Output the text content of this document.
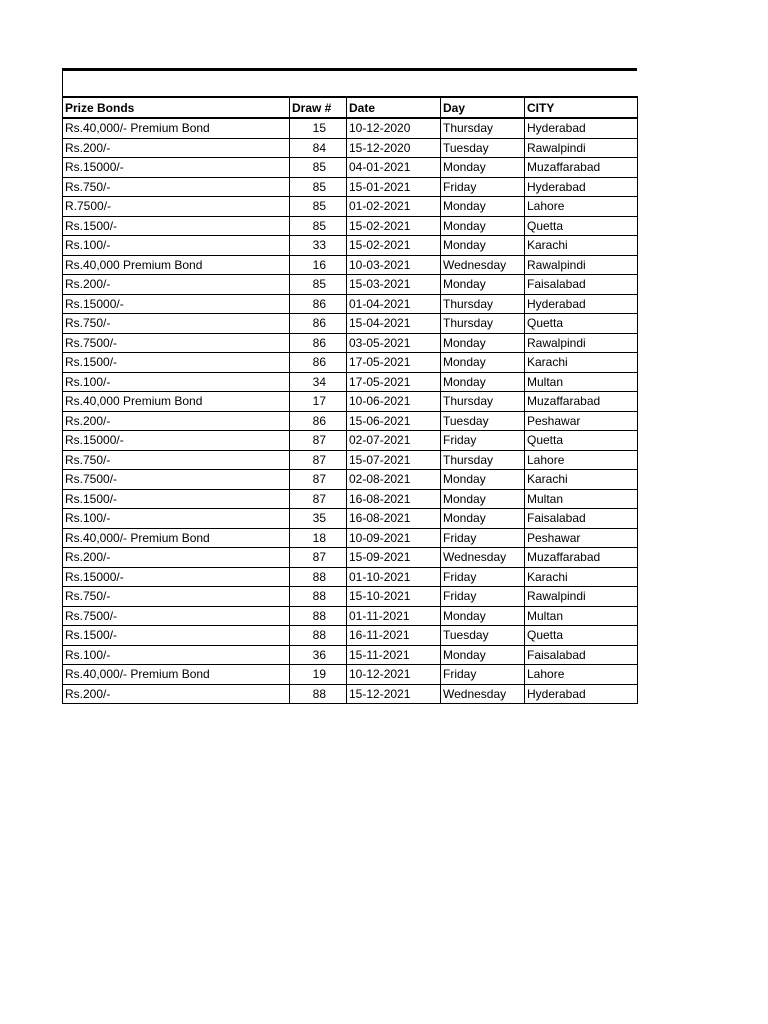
Prize Bonds	Draw #	Date	Day	CITY
Rs.40,000/- Premium Bond	15	10-12-2020	Thursday	Hyderabad
Rs.200/-	84	15-12-2020	Tuesday	Rawalpindi
Rs.15000/-	85	04-01-2021	Monday	Muzaffarabad
Rs.750/-	85	15-01-2021	Friday	Hyderabad
R.7500/-	85	01-02-2021	Monday	Lahore
Rs.1500/-	85	15-02-2021	Monday	Quetta
Rs.100/-	33	15-02-2021	Monday	Karachi
Rs.40,000 Premium Bond	16	10-03-2021	Wednesday	Rawalpindi
Rs.200/-	85	15-03-2021	Monday	Faisalabad
Rs.15000/-	86	01-04-2021	Thursday	Hyderabad
Rs.750/-	86	15-04-2021	Thursday	Quetta
Rs.7500/-	86	03-05-2021	Monday	Rawalpindi
Rs.1500/-	86	17-05-2021	Monday	Karachi
Rs.100/-	34	17-05-2021	Monday	Multan
Rs.40,000 Premium Bond	17	10-06-2021	Thursday	Muzaffarabad
Rs.200/-	86	15-06-2021	Tuesday	Peshawar
Rs.15000/-	87	02-07-2021	Friday	Quetta
Rs.750/-	87	15-07-2021	Thursday	Lahore
Rs.7500/-	87	02-08-2021	Monday	Karachi
Rs.1500/-	87	16-08-2021	Monday	Multan
Rs.100/-	35	16-08-2021	Monday	Faisalabad
Rs.40,000/- Premium Bond	18	10-09-2021	Friday	Peshawar
Rs.200/-	87	15-09-2021	Wednesday	Muzaffarabad
Rs.15000/-	88	01-10-2021	Friday	Karachi
Rs.750/-	88	15-10-2021	Friday	Rawalpindi
Rs.7500/-	88	01-11-2021	Monday	Multan
Rs.1500/-	88	16-11-2021	Tuesday	Quetta
Rs.100/-	36	15-11-2021	Monday	Faisalabad
Rs.40,000/- Premium Bond	19	10-12-2021	Friday	Lahore
Rs.200/-	88	15-12-2021	Wednesday	Hyderabad
